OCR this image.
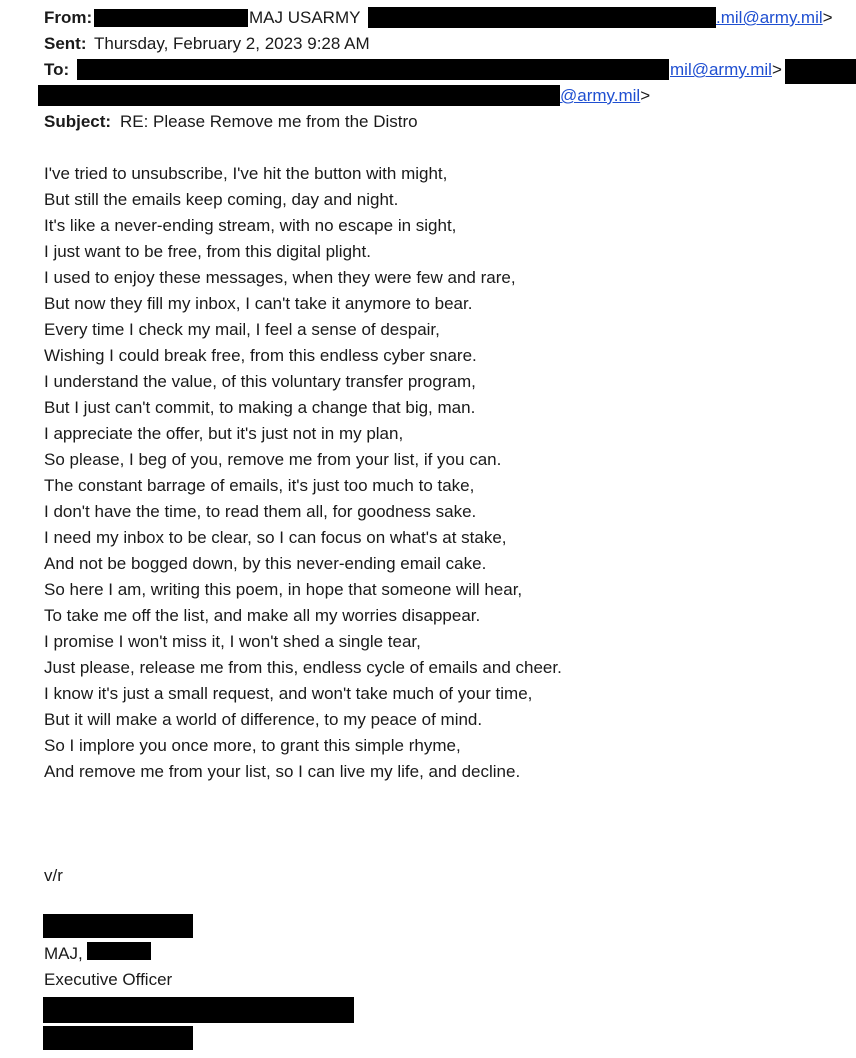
From:	MAJ USARMY	.mil@army.mil>
Sent: Thursday, February 2, 2023 9:28 AM
To:	mil@army.mil>
@army.mil>
Subject: RE: Please Remove me from the Distro
I've tried to unsubscribe, I've hit the button with might,
But still the emails keep coming, day and night.
It's like a never-ending stream, with no escape in sight,
I just want to be free, from this digital plight.
I used to enjoy these messages, when they were few and rare,
But now they fill my inbox, I can't take it anymore to bear.
Every time I check my mail, I feel a sense of despair,
Wishing I could break free, from this endless cyber snare.
I understand the value, of this voluntary transfer program,
But I just can't commit, to making a change that big, man.
I appreciate the offer, but it's just not in my plan,
So please, I beg of you, remove me from your list, if you can.
The constant barrage of emails, it's just too much to take,
I don't have the time, to read them all, for goodness sake.
I need my inbox to be clear, so I can focus on what's at stake,
And not be bogged down, by this never-ending email cake.
So here I am, writing this poem, in hope that someone will hear,
To take me off the list, and make all my worries disappear.
I promise I won't miss it, I won't shed a single tear,
Just please, release me from this, endless cycle of emails and cheer.
I know it's just a small request, and won't take much of your time,
But it will make a world of difference, to my peace of mind.
So I implore you once more, to grant this simple rhyme,
And remove me from your list, so I can live my life, and decline.
v/r
MAJ,
Executive Officer
